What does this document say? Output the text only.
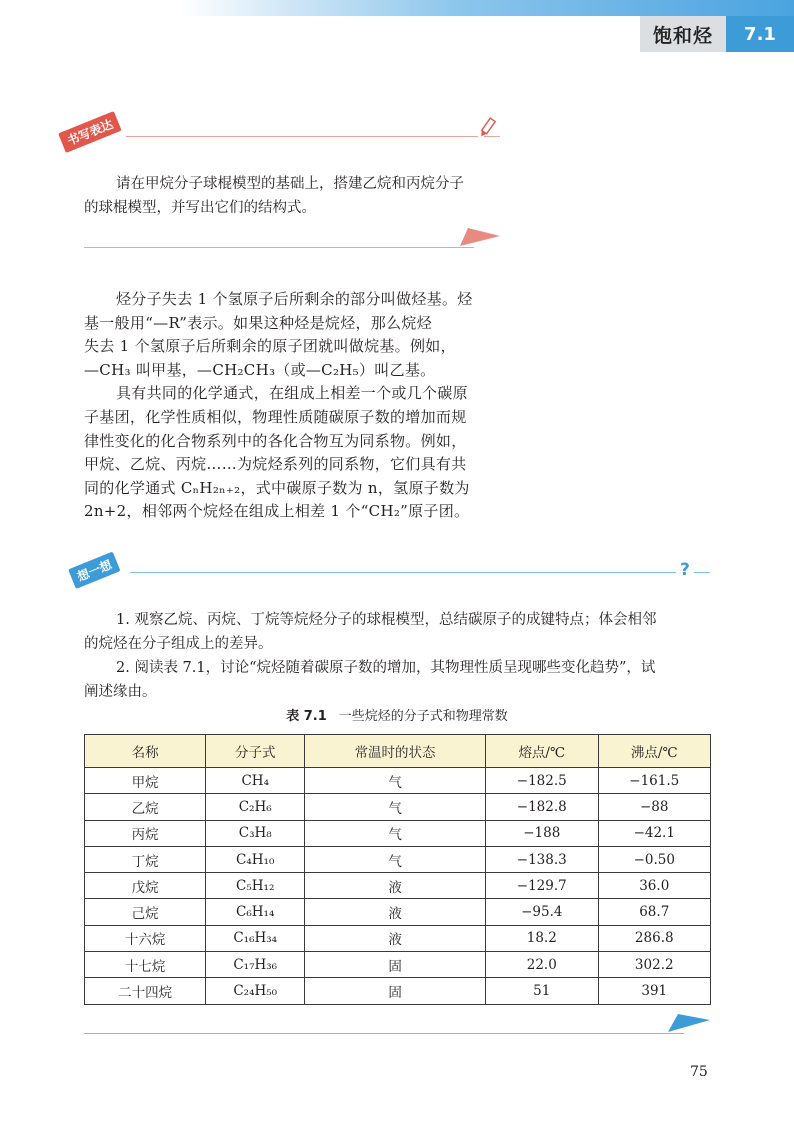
饱和烃	7.1
书写表达

请在甲烷分子球棍模型的基础上，搭建乙烷和丙烷分子

的球棍模型，并写出它们的结构式。

烃分子失去 1 个氢原子后所剩余的部分叫做烃基。烃

基一般用“—R”表示。如果这种烃是烷烃，那么烷烃

失去 1 个氢原子后所剩余的原子团就叫做烷基。例如，

—CH₃ 叫甲基，—CH₂CH₃（或—C₂H₅）叫乙基。

具有共同的化学通式，在组成上相差一个或几个碳原

子基团，化学性质相似，物理性质随碳原子数的增加而规

律性变化的化合物系列中的各化合物互为同系物。例如，

甲烷、乙烷、丙烷……为烷烃系列的同系物，它们具有共

同的化学通式 CₙH₂ₙ₊₂，式中碳原子数为 n，氢原子数为

2n+2，相邻两个烷烃在组成上相差 1 个“CH₂”原子团。

想一想	?

1. 观察乙烷、丙烷、丁烷等烷烃分子的球棍模型，总结碳原子的成键特点；体会相邻

的烷烃在分子组成上的差异。

2. 阅读表 7.1，讨论“烷烃随着碳原子数的增加，其物理性质呈现哪些变化趋势”，试

阐述缘由。

表 7.1 一些烷烃的分子式和物理常数
名称	分子式	常温时的状态	熔点/℃	沸点/℃
甲烷	CH₄	气	−182.5	−161.5
乙烷	C₂H₆	气	−182.8	−88
丙烷	C₃H₈	气	−188	−42.1
丁烷	C₄H₁₀	气	−138.3	−0.50
戊烷	C₅H₁₂	液	−129.7	36.0
己烷	C₆H₁₄	液	−95.4	68.7
十六烷	C₁₆H₃₄	液	18.2	286.8
十七烷	C₁₇H₃₆	固	22.0	302.2
二十四烷	C₂₄H₅₀	固	51	391
75
